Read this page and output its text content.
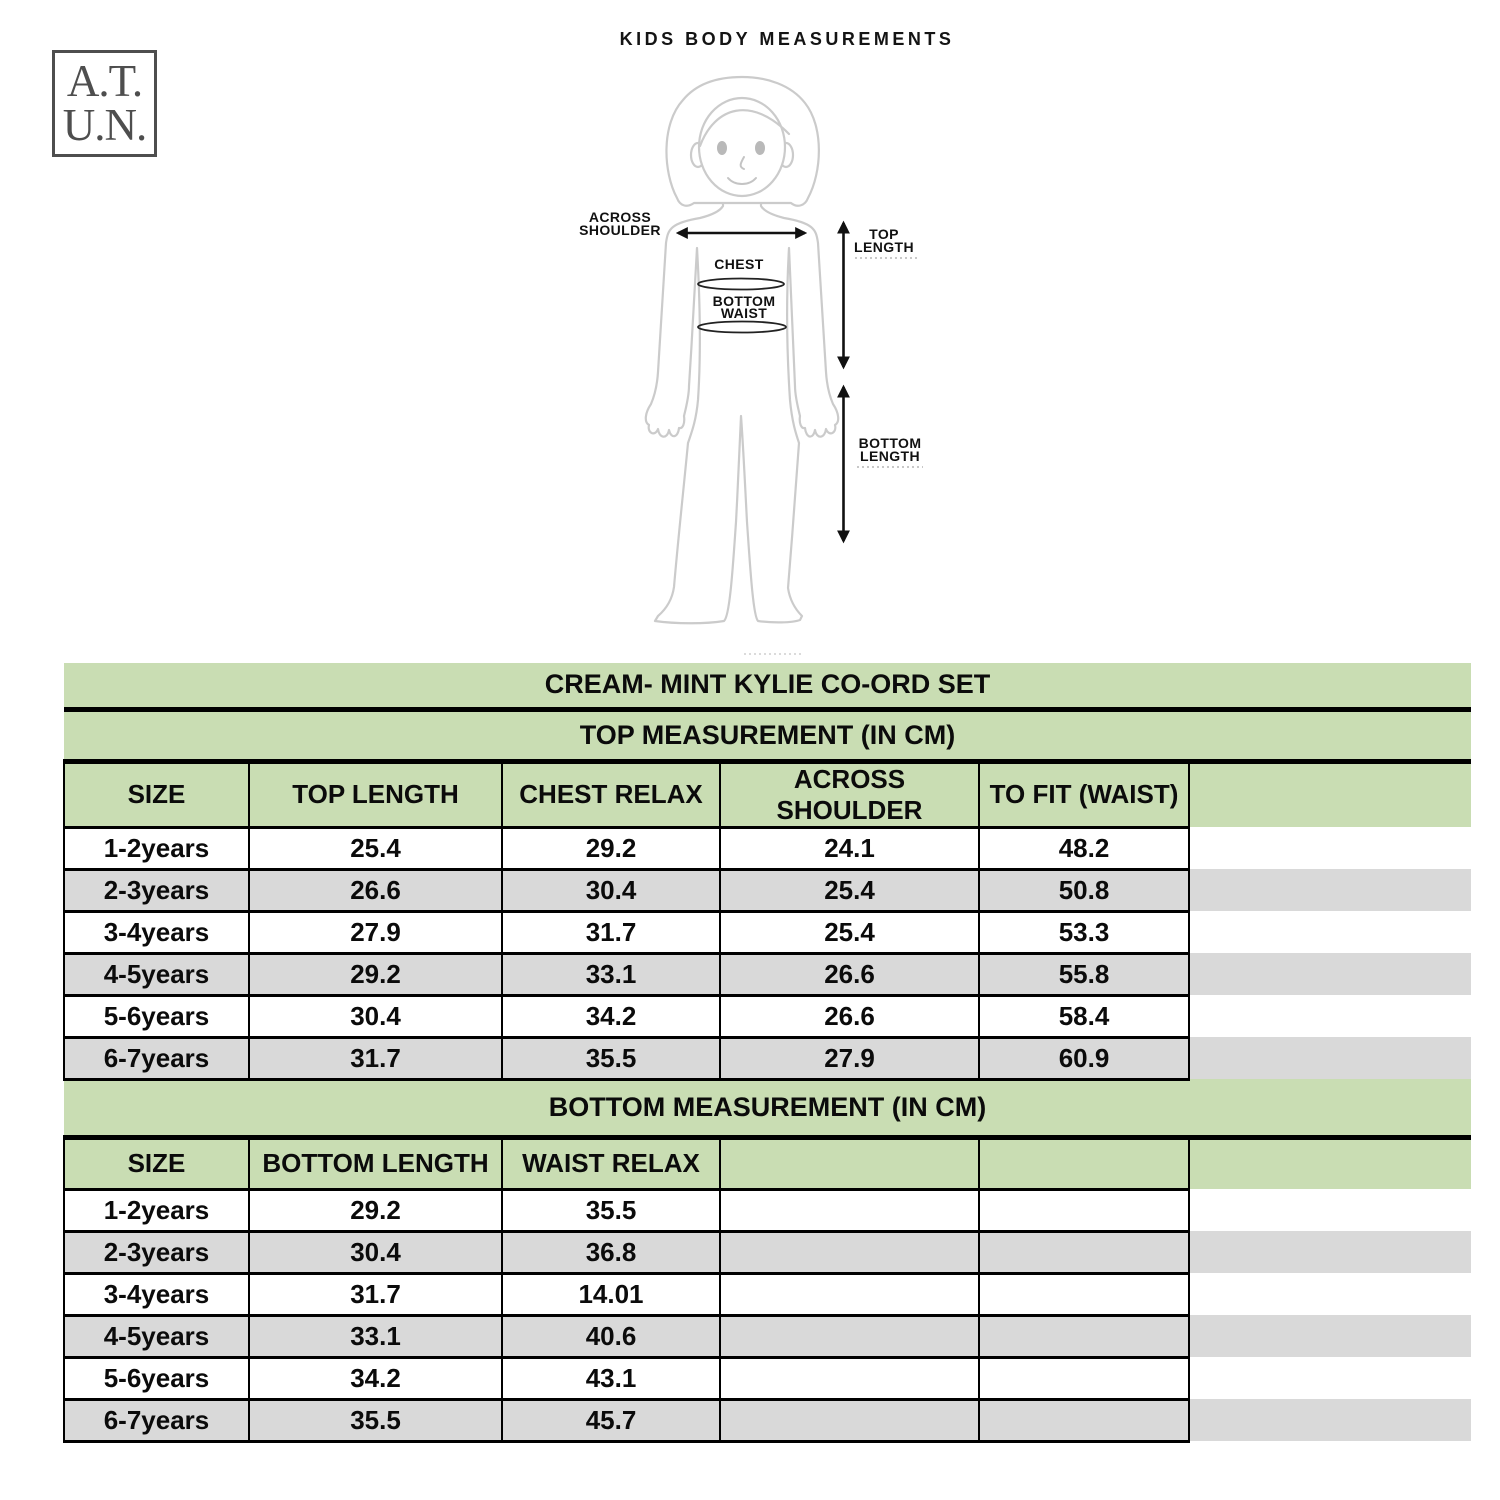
A.T.
U.N.
KIDS BODY MEASUREMENTS
ACROSS
SHOULDER
CHEST
BOTTOM
WAIST
TOP
LENGTH
BOTTOM
LENGTH
CREAM- MINT KYLIE CO-ORD SET					
TOP MEASUREMENT (IN CM)					
SIZE	TOP LENGTH	CHEST RELAX	ACROSS SHOULDER	TO FIT (WAIST)	
1-2years	25.4	29.2	24.1	48.2	
2-3years	26.6	30.4	25.4	50.8	
3-4years	27.9	31.7	25.4	53.3	
4-5years	29.2	33.1	26.6	55.8	
5-6years	30.4	34.2	26.6	58.4	
6-7years	31.7	35.5	27.9	60.9	
BOTTOM MEASUREMENT (IN CM)					
SIZE	BOTTOM LENGTH	WAIST RELAX			
1-2years	29.2	35.5			
2-3years	30.4	36.8			
3-4years	31.7	14.01			
4-5years	33.1	40.6			
5-6years	34.2	43.1			
6-7years	35.5	45.7			
